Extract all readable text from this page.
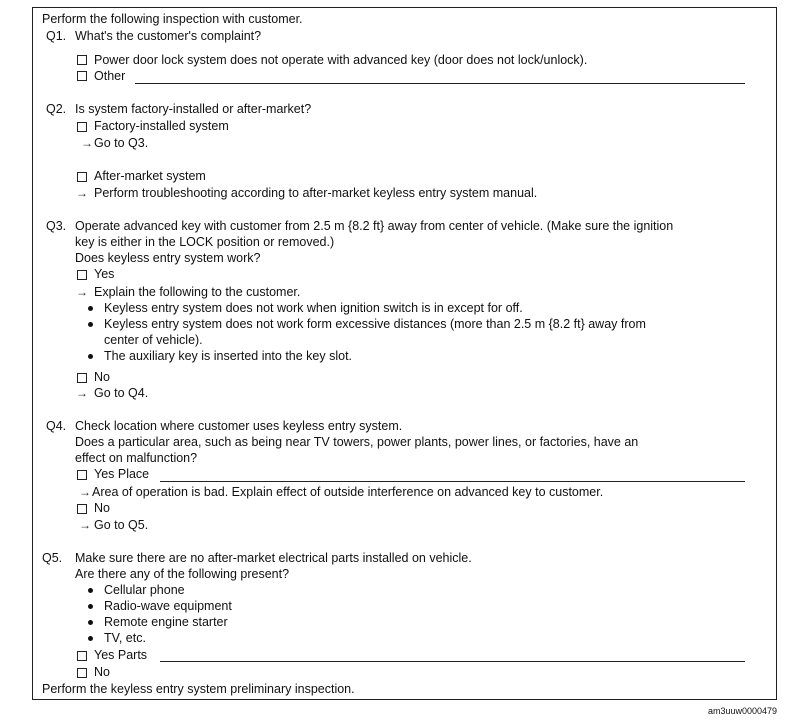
Perform the following inspection with customer.
Q1. What's the customer's complaint?
Power door lock system does not operate with advanced key (door does not lock/unlock).
Other
Q2. Is system factory-installed or after-market?
Factory-installed system
→ Go to Q3.
After-market system
→ Perform troubleshooting according to after-market keyless entry system manual.
Q3. Operate advanced key with customer from 2.5 m {8.2 ft} away from center of vehicle. (Make sure the ignition
key is either in the LOCK position or removed.)
Does keyless entry system work?
Yes
→ Explain the following to the customer.
Keyless entry system does not work when ignition switch is in except for off.
Keyless entry system does not work form excessive distances (more than 2.5 m {8.2 ft} away from
center of vehicle).
The auxiliary key is inserted into the key slot.
No
→ Go to Q4.
Q4. Check location where customer uses keyless entry system.
Does a particular area, such as being near TV towers, power plants, power lines, or factories, have an
effect on malfunction?
Yes Place
→ Area of operation is bad. Explain effect of outside interference on advanced key to customer.
No
→ Go to Q5.
Q5. Make sure there are no after-market electrical parts installed on vehicle.
Are there any of the following present?
Cellular phone
Radio-wave equipment
Remote engine starter
TV, etc.
Yes Parts
No
Perform the keyless entry system preliminary inspection.
am3uuw0000479
